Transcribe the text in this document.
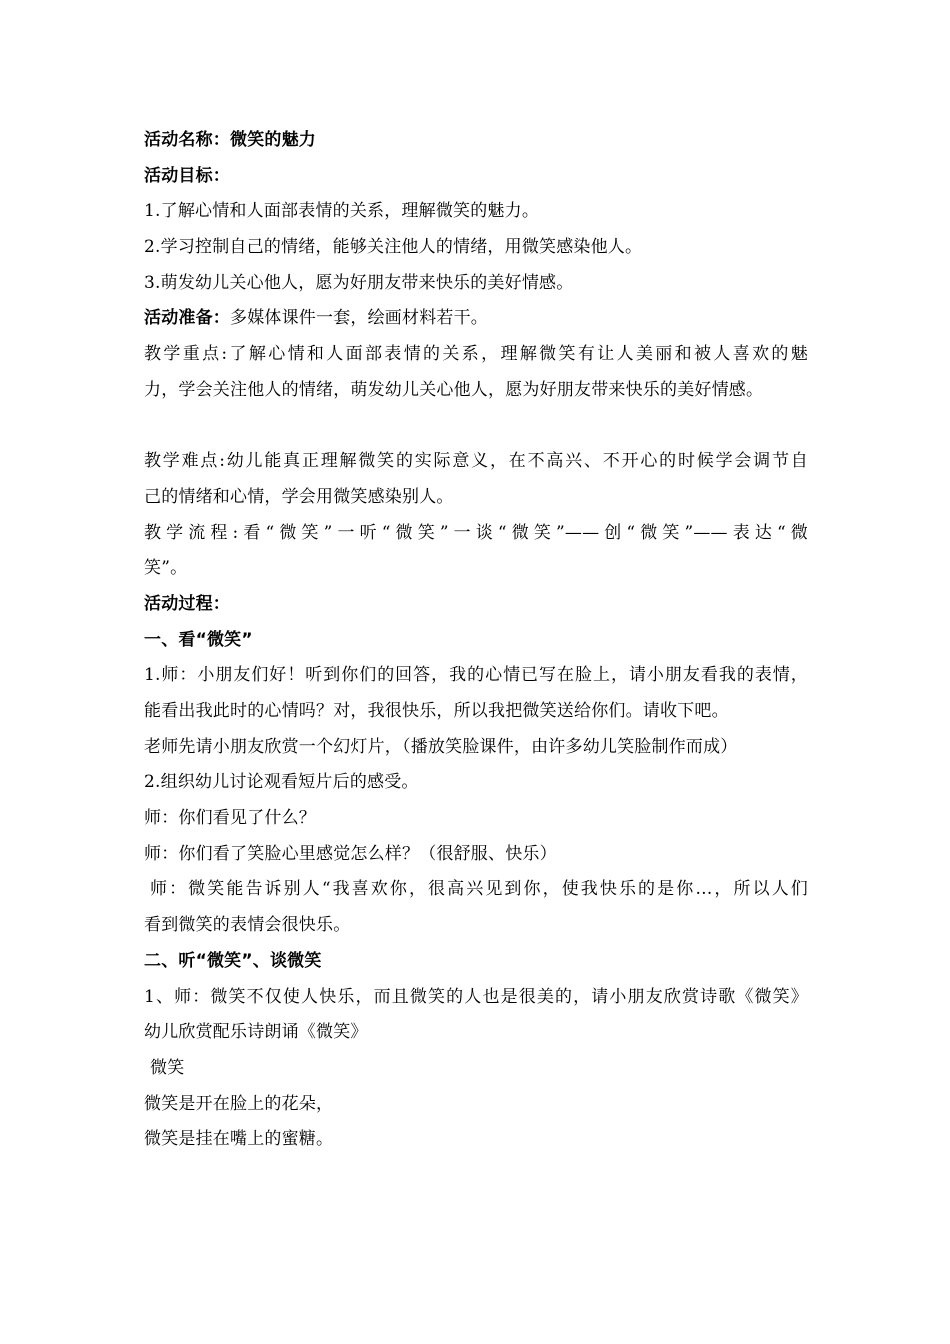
活动名称：微笑的魅力
活动目标：
1.了解心情和人面部表情的关系，理解微笑的魅力。
2.学习控制自己的情绪，能够关注他人的情绪，用微笑感染他人。
3.萌发幼儿关心他人，愿为好朋友带来快乐的美好情感。
活动准备：多媒体课件一套，绘画材料若干。
教学重点:了解心情和人面部表情的关系，理解微笑有让人美丽和被人喜欢的魅
力，学会关注他人的情绪，萌发幼儿关心他人，愿为好朋友带来快乐的美好情感。
教学难点:幼儿能真正理解微笑的实际意义，在不高兴、不开心的时候学会调节自
己的情绪和心情，学会用微笑感染别人。
教学流程:看“微笑”一听“微笑”一谈“微笑”——创“微笑”——表达“微
笑”。
活动过程：
一、看“微笑”
1.师：小朋友们好！听到你们的回答，我的心情已写在脸上，请小朋友看我的表情，
能看出我此时的心情吗？对，我很快乐，所以我把微笑送给你们。请收下吧。
老师先请小朋友欣赏一个幻灯片，（播放笑脸课件，由许多幼儿笑脸制作而成）
2.组织幼儿讨论观看短片后的感受。
师：你们看见了什么？
师：你们看了笑脸心里感觉怎么样？（很舒服、快乐）
师：微笑能告诉别人“我喜欢你，很高兴见到你，使我快乐的是你…，所以人们
看到微笑的表情会很快乐。
二、听“微笑”、谈微笑
1、师：微笑不仅使人快乐，而且微笑的人也是很美的，请小朋友欣赏诗歌《微笑》
幼儿欣赏配乐诗朗诵《微笑》
微笑
微笑是开在脸上的花朵，
微笑是挂在嘴上的蜜糖。
